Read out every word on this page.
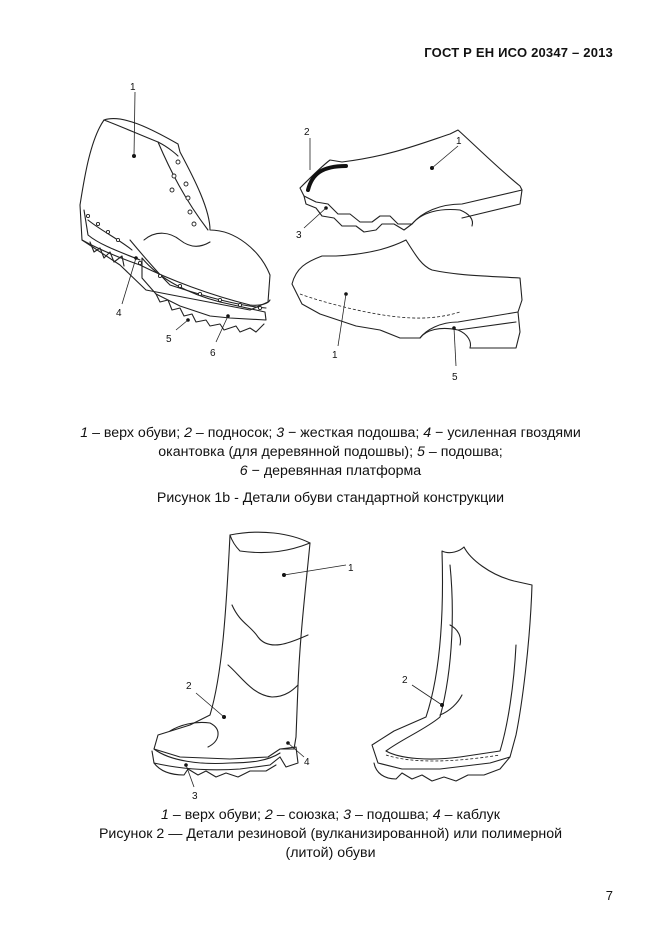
ГОСТ Р ЕН ИСО 20347 – 2013
1
4
5
6
1
2
3
1
5
1 – верх обуви; 2 – подносок; 3 − жесткая подошва; 4 − усиленная гвоздями
окантовка (для деревянной подошвы); 5 – подошва;
6 − деревянная платформа
Рисунок 1b - Детали обуви стандартной конструкции
1
2
3
4
2
1 – верх обуви; 2 – союзка; 3 – подошва; 4 – каблук
Рисунок 2 — Детали резиновой (вулканизированной) или полимерной (литой) обуви
7
